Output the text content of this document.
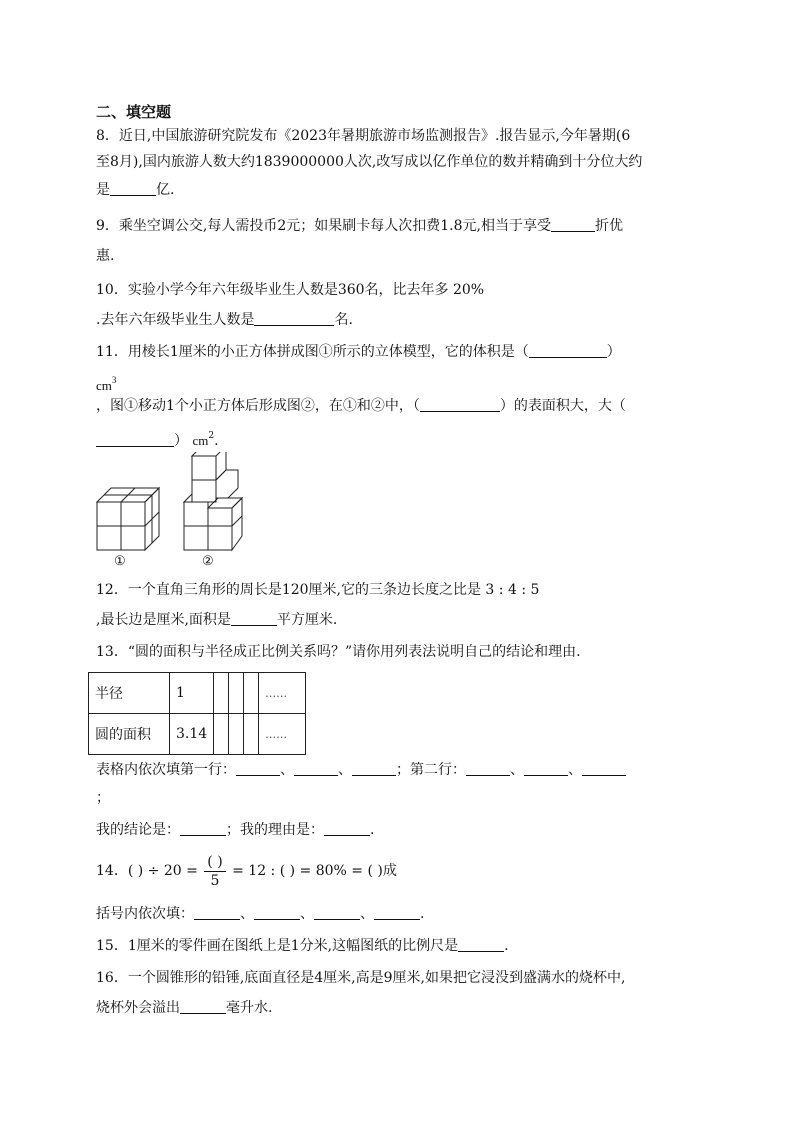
二、填空题
8．近日,中国旅游研究院发布《2023年暑期旅游市场监测报告》.报告显示,今年暑期(6
至8月),国内旅游人数大约1839000000人次,改写成以亿作单位的数并精确到十分位大约
是	亿.
9．乘坐空调公交,每人需投币2元；如果刷卡每人次扣费1.8元,相当于享受	折优
惠.
10．实验小学今年六年级毕业生人数是360名，比去年多 20%
.去年六年级毕业生人数是	名.
11．用棱长1厘米的小正方体拼成图①所示的立体模型，它的体积是（	）
$cm^3$
，图①移动1个小正方体后形成图②，在①和②中，（	）的表面积大，大（
） $cm^2$.
①	②
12．一个直角三角形的周长是120厘米,它的三条边长度之比是 3 : 4 : 5
,最长边是厘米,面积是	平方厘米.
13．“圆的面积与半径成正比例关系吗？”请你用列表法说明自己的结论和理由.
半径	1				……
圆的面积	3.14				……
表格内依次填第一行：	、	、	；第二行：	、	、
；
我的结论是：	；我的理由是：	.
14．( ) ÷ $20 = \frac{( )}{5} = 12$ : ( ) = 80% = ( )成
括号内依次填：	、	、	、	.
15．1厘米的零件画在图纸上是1分米,这幅图纸的比例尺是	.
16．一个圆锥形的铅锤,底面直径是4厘米,高是9厘米,如果把它浸没到盛满水的烧杯中,
烧杯外会溢出	毫升水.
